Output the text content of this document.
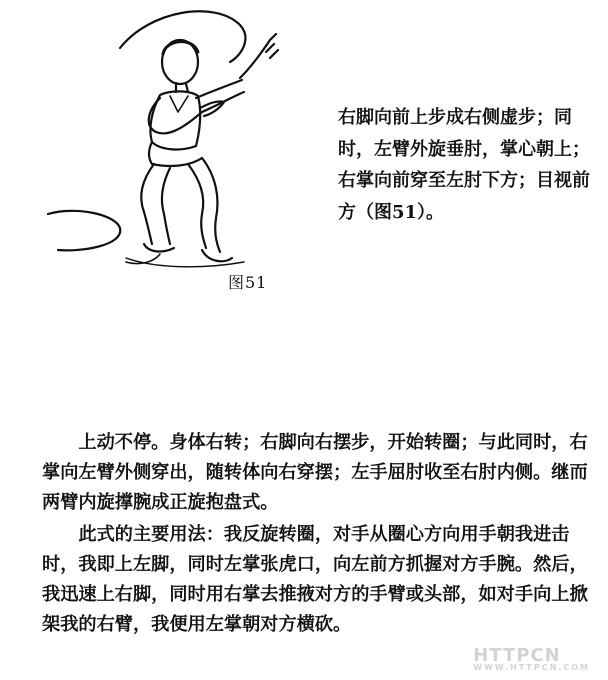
图51

右脚向前上步成右侧虚步；同时，左臂外旋垂肘，掌心朝上；右掌向前穿至左肘下方；目视前方（图51）。

上动不停。身体右转；右脚向右摆步，开始转圈；与此同时，右掌向左臂外侧穿出，随转体向右穿摆；左手屈肘收至右肘内侧。继而两臂内旋撑腕成正旋抱盘式。

此式的主要用法：我反旋转圈，对手从圈心方向用手朝我进击时，我即上左脚，同时左掌张虎口，向左前方抓握对方手腕。然后，我迅速上右脚，同时用右掌去推掖对方的手臂或头部，如对手向上掀架我的右臂，我便用左掌朝对方横砍。

HTTPCN
WWW.HTTPCN.COM
